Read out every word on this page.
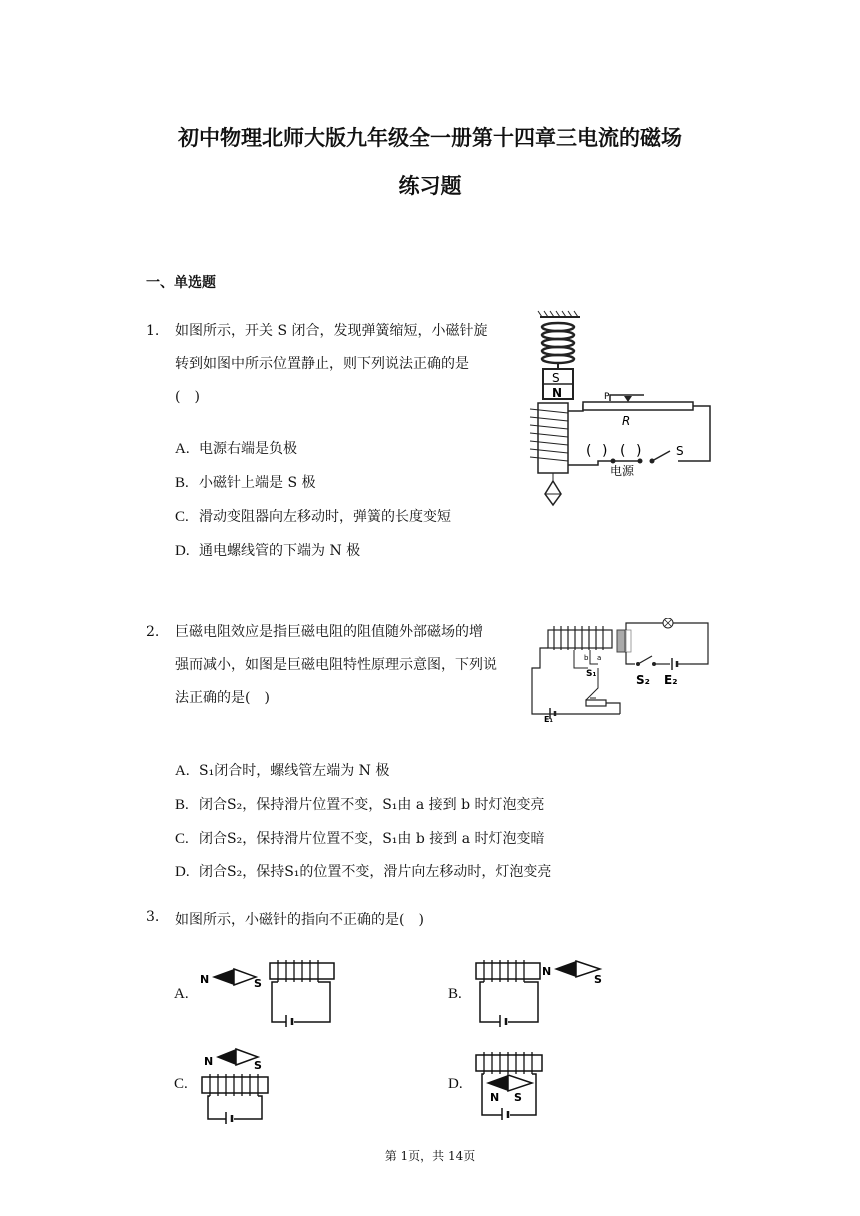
初中物理北师大版九年级全一册第十四章三电流的磁场
练习题
一、单选题
1. 如图所示，开关 S 闭合，发现弹簧缩短，小磁针旋
转到如图中所示位置静止，则下列说法正确的是
(　)
A. 电源右端是负极
B. 小磁针上端是 S 极
C. 滑动变阻器向左移动时，弹簧的长度变短
D. 通电螺线管的下端为 N 极
S
N	P
R
( ) ( )	S
电源
2. 巨磁电阻效应是指巨磁电阻的阻值随外部磁场的增
强而减小，如图是巨磁电阻特性原理示意图，下列说
法正确的是(　)
E₁
b a
S₁	S₂ E₂
A. S₁闭合时，螺线管左端为 N 极
B. 闭合S₂，保持滑片位置不变，S₁由 a 接到 b 时灯泡变亮
C. 闭合S₂，保持滑片位置不变，S₁由 b 接到 a 时灯泡变暗
D. 闭合S₂，保持S₁的位置不变，滑片向左移动时，灯泡变亮
3. 如图所示，小磁针的指向不正确的是(　)
A.
N	S
B.
N
S
C.
N	S
D.
N S
第 1页，共 14页
